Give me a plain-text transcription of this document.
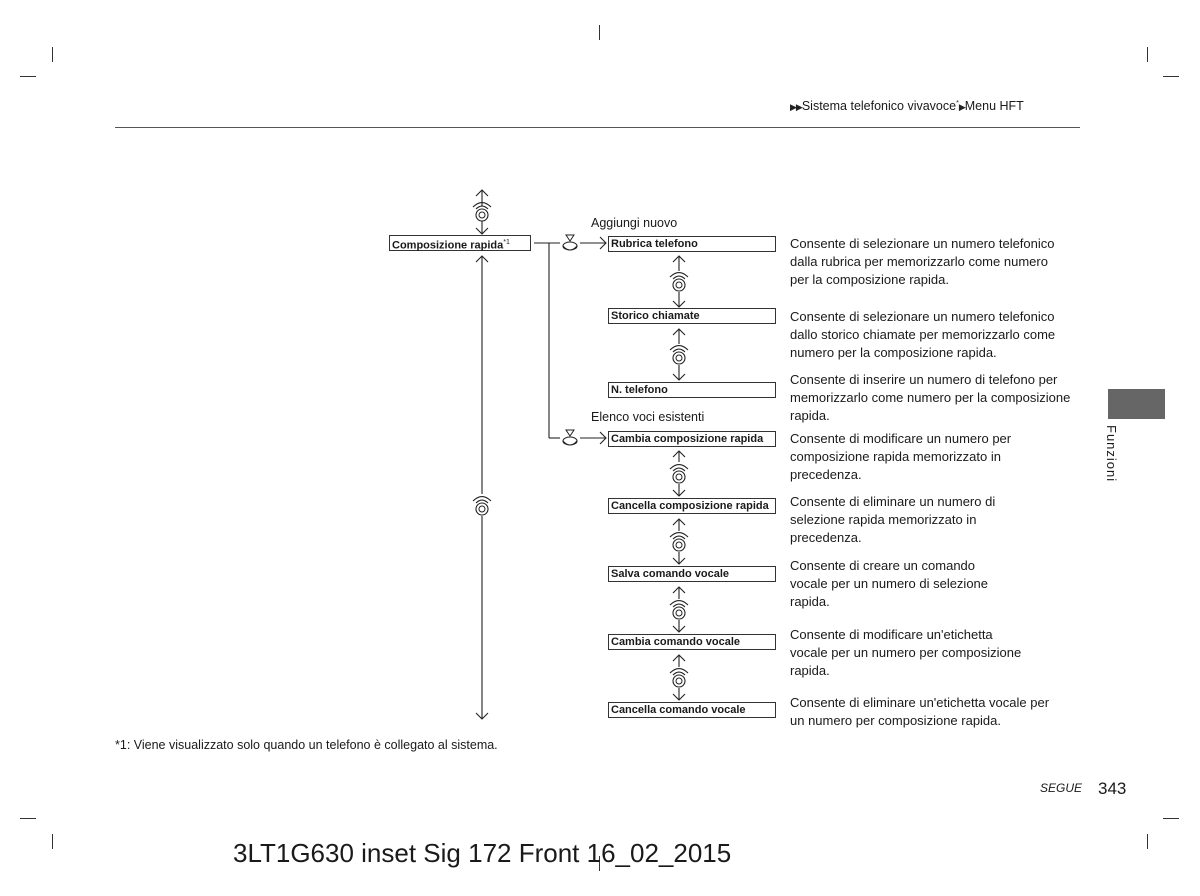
▶▶Sistema telefonico vivavoce*▶Menu HFT
Composizione rapida$^{*1}$
Aggiungi nuovo
Elenco voci esistenti
Rubrica telefono
Storico chiamate
N. telefono
Cambia composizione rapida
Cancella composizione rapida
Salva comando vocale
Cambia comando vocale
Cancella comando vocale
Consente di selezionare un numero telefonico dalla rubrica per memorizzarlo come numero per la composizione rapida.
Consente di selezionare un numero telefonico dallo storico chiamate per memorizzarlo come numero per la composizione rapida.
Consente di inserire un numero di telefono per memorizzarlo come numero per la composizione rapida.
Consente di modificare un numero per composizione rapida memorizzato in precedenza.
Consente di eliminare un numero di selezione rapida memorizzato in precedenza.
Consente di creare un comando vocale per un numero di selezione rapida.
Consente di modificare un'etichetta vocale per un numero per composizione rapida.
Consente di eliminare un'etichetta vocale per un numero per composizione rapida.
Funzioni
*1: Viene visualizzato solo quando un telefono è collegato al sistema.
SEGUE 343
3LT1G630 inset Sig 172 Front 16_02_2015
